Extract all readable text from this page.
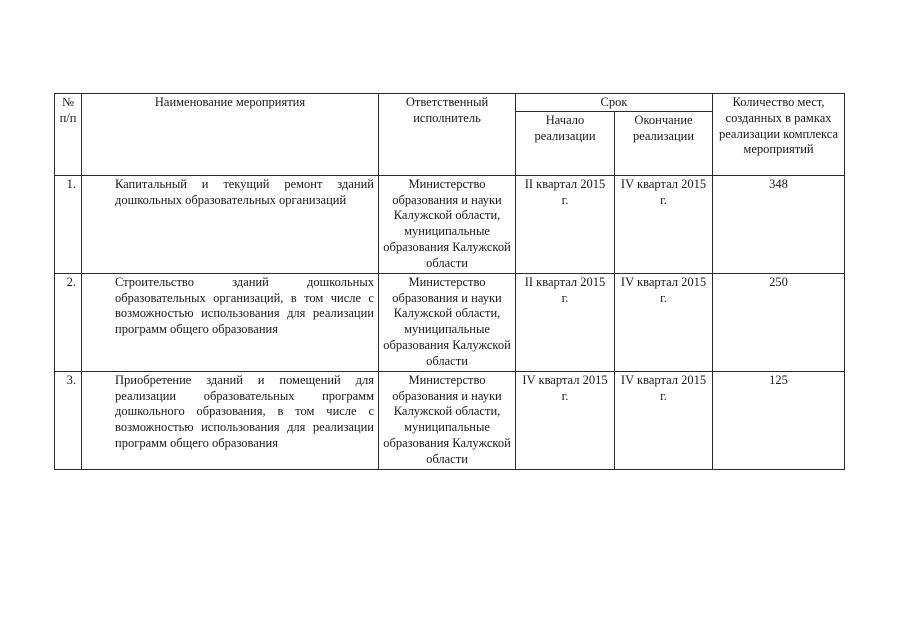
№ п/п	Наименование мероприятия	Ответственный исполнитель	Срок		Количество мест, созданных в рамках реализации комплекса мероприятий
			Начало реализации	Окончание реализации	
1.	Капитальный и текущий ремонт зданий дошкольных образовательных организаций	Министерство образования и науки Калужской области, муниципальные образования Калужской области	II квартал 2015 г.	IV квартал 2015 г.	348
2.	Строительство зданий дошкольных образовательных организаций, в том числе с возможностью использования для реализации программ общего образования	Министерство образования и науки Калужской области, муниципальные образования Калужской области	II квартал 2015 г.	IV квартал 2015 г.	250
3.	Приобретение зданий и помещений для реализации образовательных программ дошкольного образования, в том числе с возможностью использования для реализации программ общего образования	Министерство образования и науки Калужской области, муниципальные образования Калужской области	IV квартал 2015 г.	IV квартал 2015 г.	125
